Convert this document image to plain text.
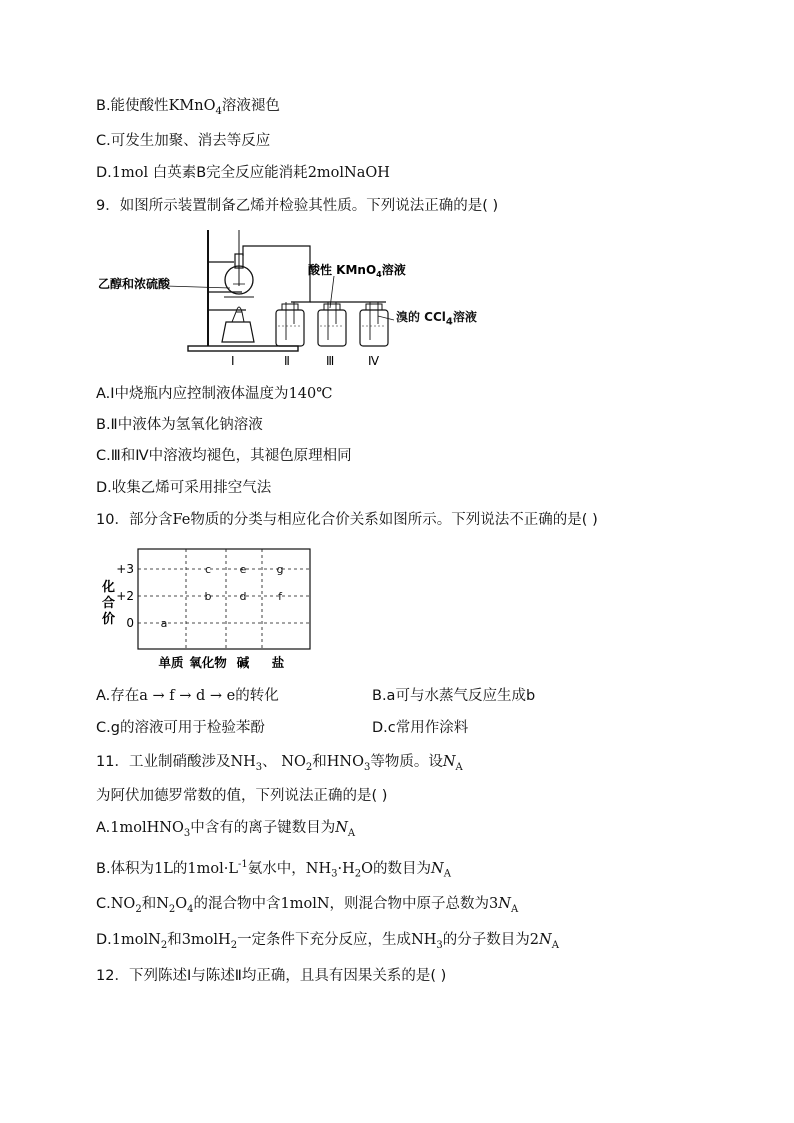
B.能使酸性KMnO$_4$溶液褪色
C.可发生加聚、消去等反应
D.1mol 白英素B完全反应能消耗2molNaOH
9．如图所示装置制备乙烯并检验其性质。下列说法正确的是( )
乙醇和浓硫酸
酸性 KMnO$_4$溶液
Ⅰ	Ⅱ	Ⅲ	Ⅳ
溴的 CCl$_4$溶液
A.Ⅰ中烧瓶内应控制液体温度为140℃
B.Ⅱ中液体为氢氧化钠溶液
C.Ⅲ和Ⅳ中溶液均褪色，其褪色原理相同
D.收集乙烯可采用排空气法
10．部分含Fe物质的分类与相应化合价关系如图所示。下列说法不正确的是( )
+3
+2
0
单质 氧化物 碱 盐
a
b
c
d
e
f
g
化
合
价
A.存在a → f → d → e的转化	B.a可与水蒸气反应生成b
C.g的溶液可用于检验苯酚	D.c常用作涂料
11．工业制硝酸涉及$NH_3$、 $NO_2$和$HNO_3$等物质。设$N_A$
为阿伏加德罗常数的值，下列说法正确的是( )
A.1molHNO$_3$中含有的离子键数目为$N_A$
B.体积为1L的$1mol\cdot L^{-1}$氨水中，$NH_3\cdot H_2O$的数目为$N_A$
$C.NO_2$和$N_2O_4$的混合物中含1molN，则混合物中原子总数为$3N_A$
D.1molN$_2$和3molH$_2$一定条件下充分反应，生成$NH_3$的分子数目为$2N_A$
12．下列陈述Ⅰ与陈述Ⅱ均正确，且具有因果关系的是( )
